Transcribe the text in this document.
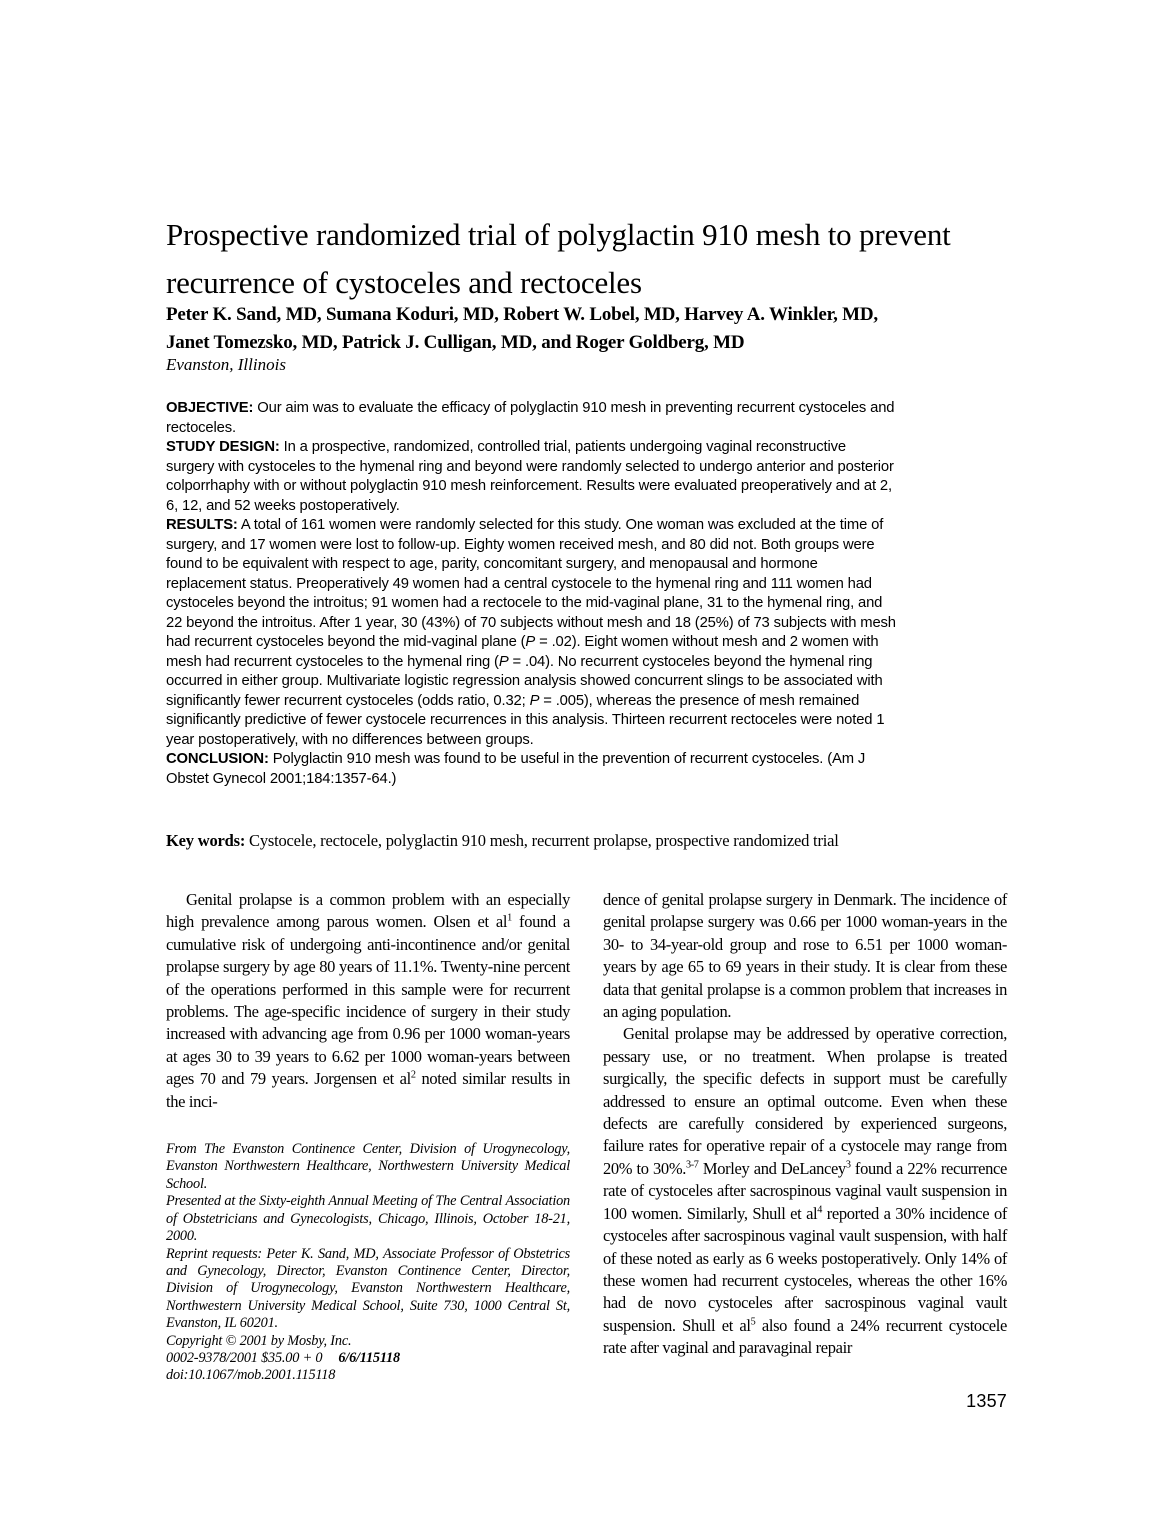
Prospective randomized trial of polyglactin 910 mesh to prevent
recurrence of cystoceles and rectoceles
Peter K. Sand, MD, Sumana Koduri, MD, Robert W. Lobel, MD, Harvey A. Winkler, MD,
Janet Tomezsko, MD, Patrick J. Culligan, MD, and Roger Goldberg, MD
Evanston, Illinois

OBJECTIVE: Our aim was to evaluate the efficacy of polyglactin 910 mesh in preventing recurrent cystoceles and rectoceles.

STUDY DESIGN: In a prospective, randomized, controlled trial, patients undergoing vaginal reconstructive surgery with cystoceles to the hymenal ring and beyond were randomly selected to undergo anterior and posterior colporrhaphy with or without polyglactin 910 mesh reinforcement. Results were evaluated preoperatively and at 2, 6, 12, and 52 weeks postoperatively.

RESULTS: A total of 161 women were randomly selected for this study. One woman was excluded at the time of surgery, and 17 women were lost to follow-up. Eighty women received mesh, and 80 did not. Both groups were found to be equivalent with respect to age, parity, concomitant surgery, and menopausal and hormone replacement status. Preoperatively 49 women had a central cystocele to the hymenal ring and 111 women had cystoceles beyond the introitus; 91 women had a rectocele to the mid-vaginal plane, 31 to the hymenal ring, and 22 beyond the introitus. After 1 year, 30 (43%) of 70 subjects without mesh and 18 (25%) of 73 subjects with mesh had recurrent cystoceles beyond the mid-vaginal plane (P = .02). Eight women without mesh and 2 women with mesh had recurrent cystoceles to the hymenal ring (P = .04). No recurrent cystoceles beyond the hymenal ring occurred in either group. Multivariate logistic regression analysis showed concurrent slings to be associated with significantly fewer recurrent cystoceles (odds ratio, 0.32; P = .005), whereas the presence of mesh remained significantly predictive of fewer cystocele recurrences in this analysis. Thirteen recurrent rectoceles were noted 1 year postoperatively, with no differences between groups.

CONCLUSION: Polyglactin 910 mesh was found to be useful in the prevention of recurrent cystoceles. (Am J Obstet Gynecol 2001;184:1357-64.)

Key words: Cystocele, rectocele, polyglactin 910 mesh, recurrent prolapse, prospective randomized trial

Genital prolapse is a common problem with an especially high prevalence among parous women. Olsen et $al^1$ found a cumulative risk of undergoing anti-incontinence and/or genital prolapse surgery by age 80 years of 11.1%. Twenty-nine percent of the operations performed in this sample were for recurrent problems. The age-specific incidence of surgery in their study increased with advancing age from 0.96 per 1000 woman-years at ages 30 to 39 years to 6.62 per 1000 woman-years between ages 70 and 79 years. Jorgensen et $al^2$ noted similar results in the inci-

From The Evanston Continence Center, Division of Urogynecology, Evanston Northwestern Healthcare, Northwestern University Medical School.

Presented at the Sixty-eighth Annual Meeting of The Central Association of Obstetricians and Gynecologists, Chicago, Illinois, October 18-21, 2000.

Reprint requests: Peter K. Sand, MD, Associate Professor of Obstetrics and Gynecology, Director, Evanston Continence Center, Director, Division of Urogynecology, Evanston Northwestern Healthcare, Northwestern University Medical School, Suite 730, 1000 Central St, Evanston, IL 60201.

Copyright © 2001 by Mosby, Inc.

0002-9378/2001 $35.00 + 0 6/6/115118

doi:10.1067/mob.2001.115118

dence of genital prolapse surgery in Denmark. The incidence of genital prolapse surgery was 0.66 per 1000 woman-years in the 30- to 34-year-old group and rose to 6.51 per 1000 woman-years by age 65 to 69 years in their study. It is clear from these data that genital prolapse is a common problem that increases in an aging population.

Genital prolapse may be addressed by operative correction, pessary use, or no treatment. When prolapse is treated surgically, the specific defects in support must be carefully addressed to ensure an optimal outcome. Even when these defects are carefully considered by experienced surgeons, failure rates for operative repair of a cystocele may range from 20% to 30%.$^{3-7}$ Morley and DeLancey$^3$ found a 22% recurrence rate of cystoceles after sacrospinous vaginal vault suspension in 100 women. Similarly, Shull et $al^4$ reported a 30% incidence of cystoceles after sacrospinous vaginal vault suspension, with half of these noted as early as 6 weeks postoperatively. Only 14% of these women had recurrent cystoceles, whereas the other 16% had de novo cystoceles after sacrospinous vaginal vault suspension. Shull et $al^5$ also found a 24% recurrent cystocele rate after vaginal and paravaginal repair

1357
